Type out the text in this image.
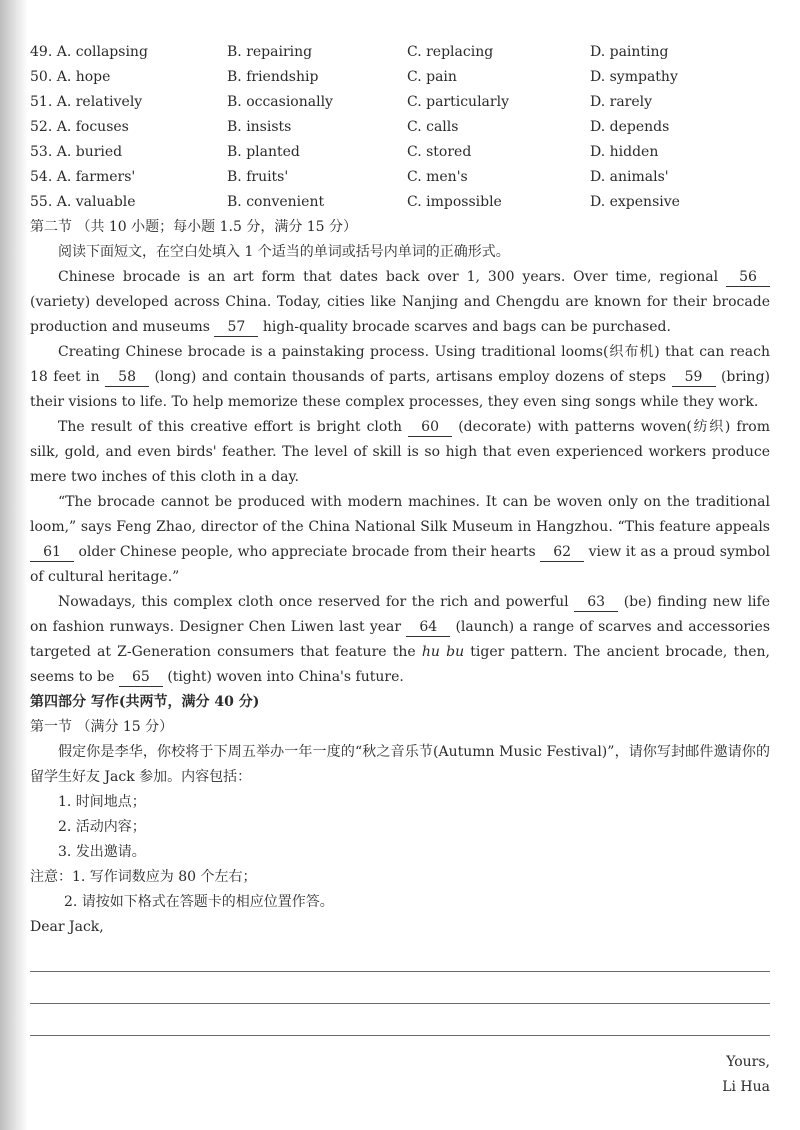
49. A. collapsing	B. repairing	C. replacing	D. painting
50. A. hope	B. friendship	C. pain	D. sympathy
51. A. relatively	B. occasionally	C. particularly	D. rarely
52. A. focuses	B. insists	C. calls	D. depends
53. A. buried	B. planted	C. stored	D. hidden
54. A. farmers'	B. fruits'	C. men's	D. animals'
55. A. valuable	B. convenient	C. impossible	D. expensive
第二节 （共 10 小题；每小题 1.5 分，满分 15 分）
阅读下面短文，在空白处填入 1 个适当的单词或括号内单词的正确形式。

Chinese brocade is an art form that dates back over 1, 300 years. Over time, regional 56 (variety) developed across China. Today, cities like Nanjing and Chengdu are known for their brocade production and museums 57 high-quality brocade scarves and bags can be purchased.

Creating Chinese brocade is a painstaking process. Using traditional looms(织布机) that can reach 18 feet in 58 (long) and contain thousands of parts, artisans employ dozens of steps 59 (bring) their visions to life. To help memorize these complex processes, they even sing songs while they work.

The result of this creative effort is bright cloth 60 (decorate) with patterns woven(纺织) from silk, gold, and even birds' feather. The level of skill is so high that even experienced workers produce mere two inches of this cloth in a day.

“The brocade cannot be produced with modern machines. It can be woven only on the traditional loom,” says Feng Zhao, director of the China National Silk Museum in Hangzhou. “This feature appeals 61 older Chinese people, who appreciate brocade from their hearts 62 view it as a proud symbol of cultural heritage.”

Nowadays, this complex cloth once reserved for the rich and powerful 63 (be) finding new life on fashion runways. Designer Chen Liwen last year 64 (launch) a range of scarves and accessories targeted at Z-Generation consumers that feature the hu bu tiger pattern. The ancient brocade, then, seems to be 65 (tight) woven into China's future.

第四部分 写作(共两节，满分 40 分)
第一节 （满分 15 分）
假定你是李华，你校将于下周五举办一年一度的“秋之音乐节(Autumn Music Festival)”，请你写封邮件邀请你的留学生好友 Jack 参加。内容包括：
1. 时间地点；
2. 活动内容；
3. 发出邀请。
注意：1. 写作词数应为 80 个左右；
2. 请按如下格式在答题卡的相应位置作答。
Dear Jack,
Yours,
Li Hua
